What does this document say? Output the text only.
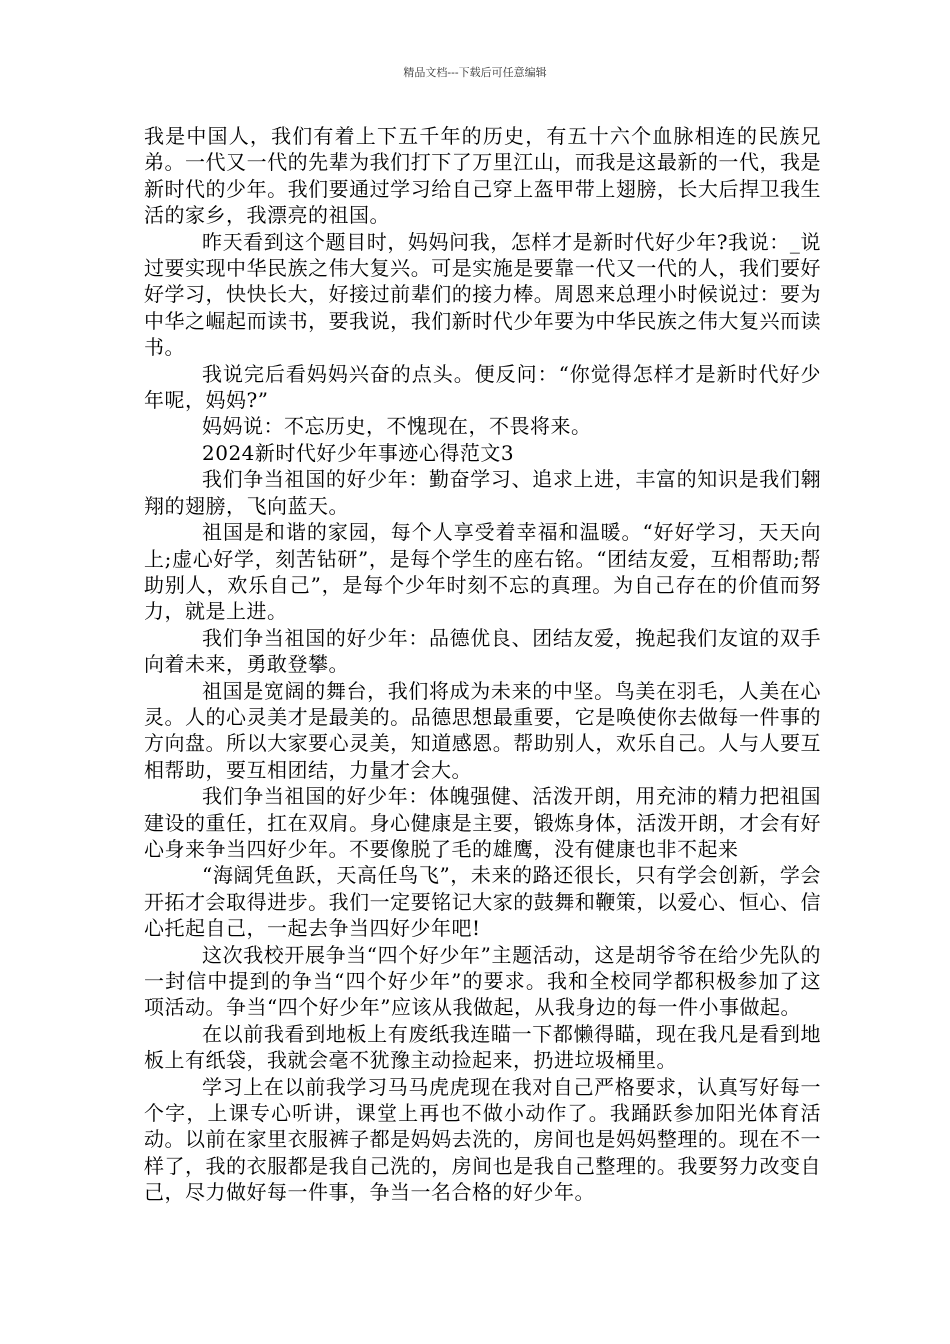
精品文档---下载后可任意编辑

我是中国人，我们有着上下五千年的历史，有五十六个血脉相连的民族兄弟。一代又一代的先辈为我们打下了万里江山，而我是这最新的一代，我是新时代的少年。我们要通过学习给自己穿上盔甲带上翅膀，长大后捍卫我生活的家乡，我漂亮的祖国。

昨天看到这个题目时，妈妈问我，怎样才是新时代好少年?我说：_说过要实现中华民族之伟大复兴。可是实施是要靠一代又一代的人，我们要好好学习，快快长大，好接过前辈们的接力棒。周恩来总理小时候说过：要为中华之崛起而读书，要我说，我们新时代少年要为中华民族之伟大复兴而读书。

我说完后看妈妈兴奋的点头。便反问：“你觉得怎样才是新时代好少年呢，妈妈?”

妈妈说：不忘历史，不愧现在，不畏将来。

2024新时代好少年事迹心得范文3

我们争当祖国的好少年：勤奋学习、追求上进，丰富的知识是我们翱翔的翅膀，飞向蓝天。

祖国是和谐的家园，每个人享受着幸福和温暖。“好好学习，天天向上;虚心好学，刻苦钻研”，是每个学生的座右铭。“团结友爱，互相帮助;帮助别人，欢乐自己”，是每个少年时刻不忘的真理。为自己存在的价值而努力，就是上进。

我们争当祖国的好少年：品德优良、团结友爱，挽起我们友谊的双手向着未来，勇敢登攀。

祖国是宽阔的舞台，我们将成为未来的中坚。鸟美在羽毛，人美在心灵。人的心灵美才是最美的。品德思想最重要，它是唤使你去做每一件事的方向盘。所以大家要心灵美，知道感恩。帮助别人，欢乐自己。人与人要互相帮助，要互相团结，力量才会大。

我们争当祖国的好少年：体魄强健、活泼开朗，用充沛的精力把祖国建设的重任，扛在双肩。身心健康是主要，锻炼身体，活泼开朗，才会有好心身来争当四好少年。不要像脱了毛的雄鹰，没有健康也非不起来

“海阔凭鱼跃，天高任鸟飞”，未来的路还很长，只有学会创新，学会开拓才会取得进步。我们一定要铭记大家的鼓舞和鞭策，以爱心、恒心、信心托起自己，一起去争当四好少年吧!

这次我校开展争当“四个好少年”主题活动，这是胡爷爷在给少先队的一封信中提到的争当“四个好少年”的要求。我和全校同学都积极参加了这项活动。争当“四个好少年”应该从我做起，从我身边的每一件小事做起。

在以前我看到地板上有废纸我连瞄一下都懒得瞄，现在我凡是看到地板上有纸袋，我就会毫不犹豫主动捡起来，扔进垃圾桶里。

学习上在以前我学习马马虎虎现在我对自己严格要求，认真写好每一个字，上课专心听讲，课堂上再也不做小动作了。我踊跃参加阳光体育活动。以前在家里衣服裤子都是妈妈去洗的，房间也是妈妈整理的。现在不一样了，我的衣服都是我自己洗的，房间也是我自己整理的。我要努力改变自己，尽力做好每一件事，争当一名合格的好少年。
